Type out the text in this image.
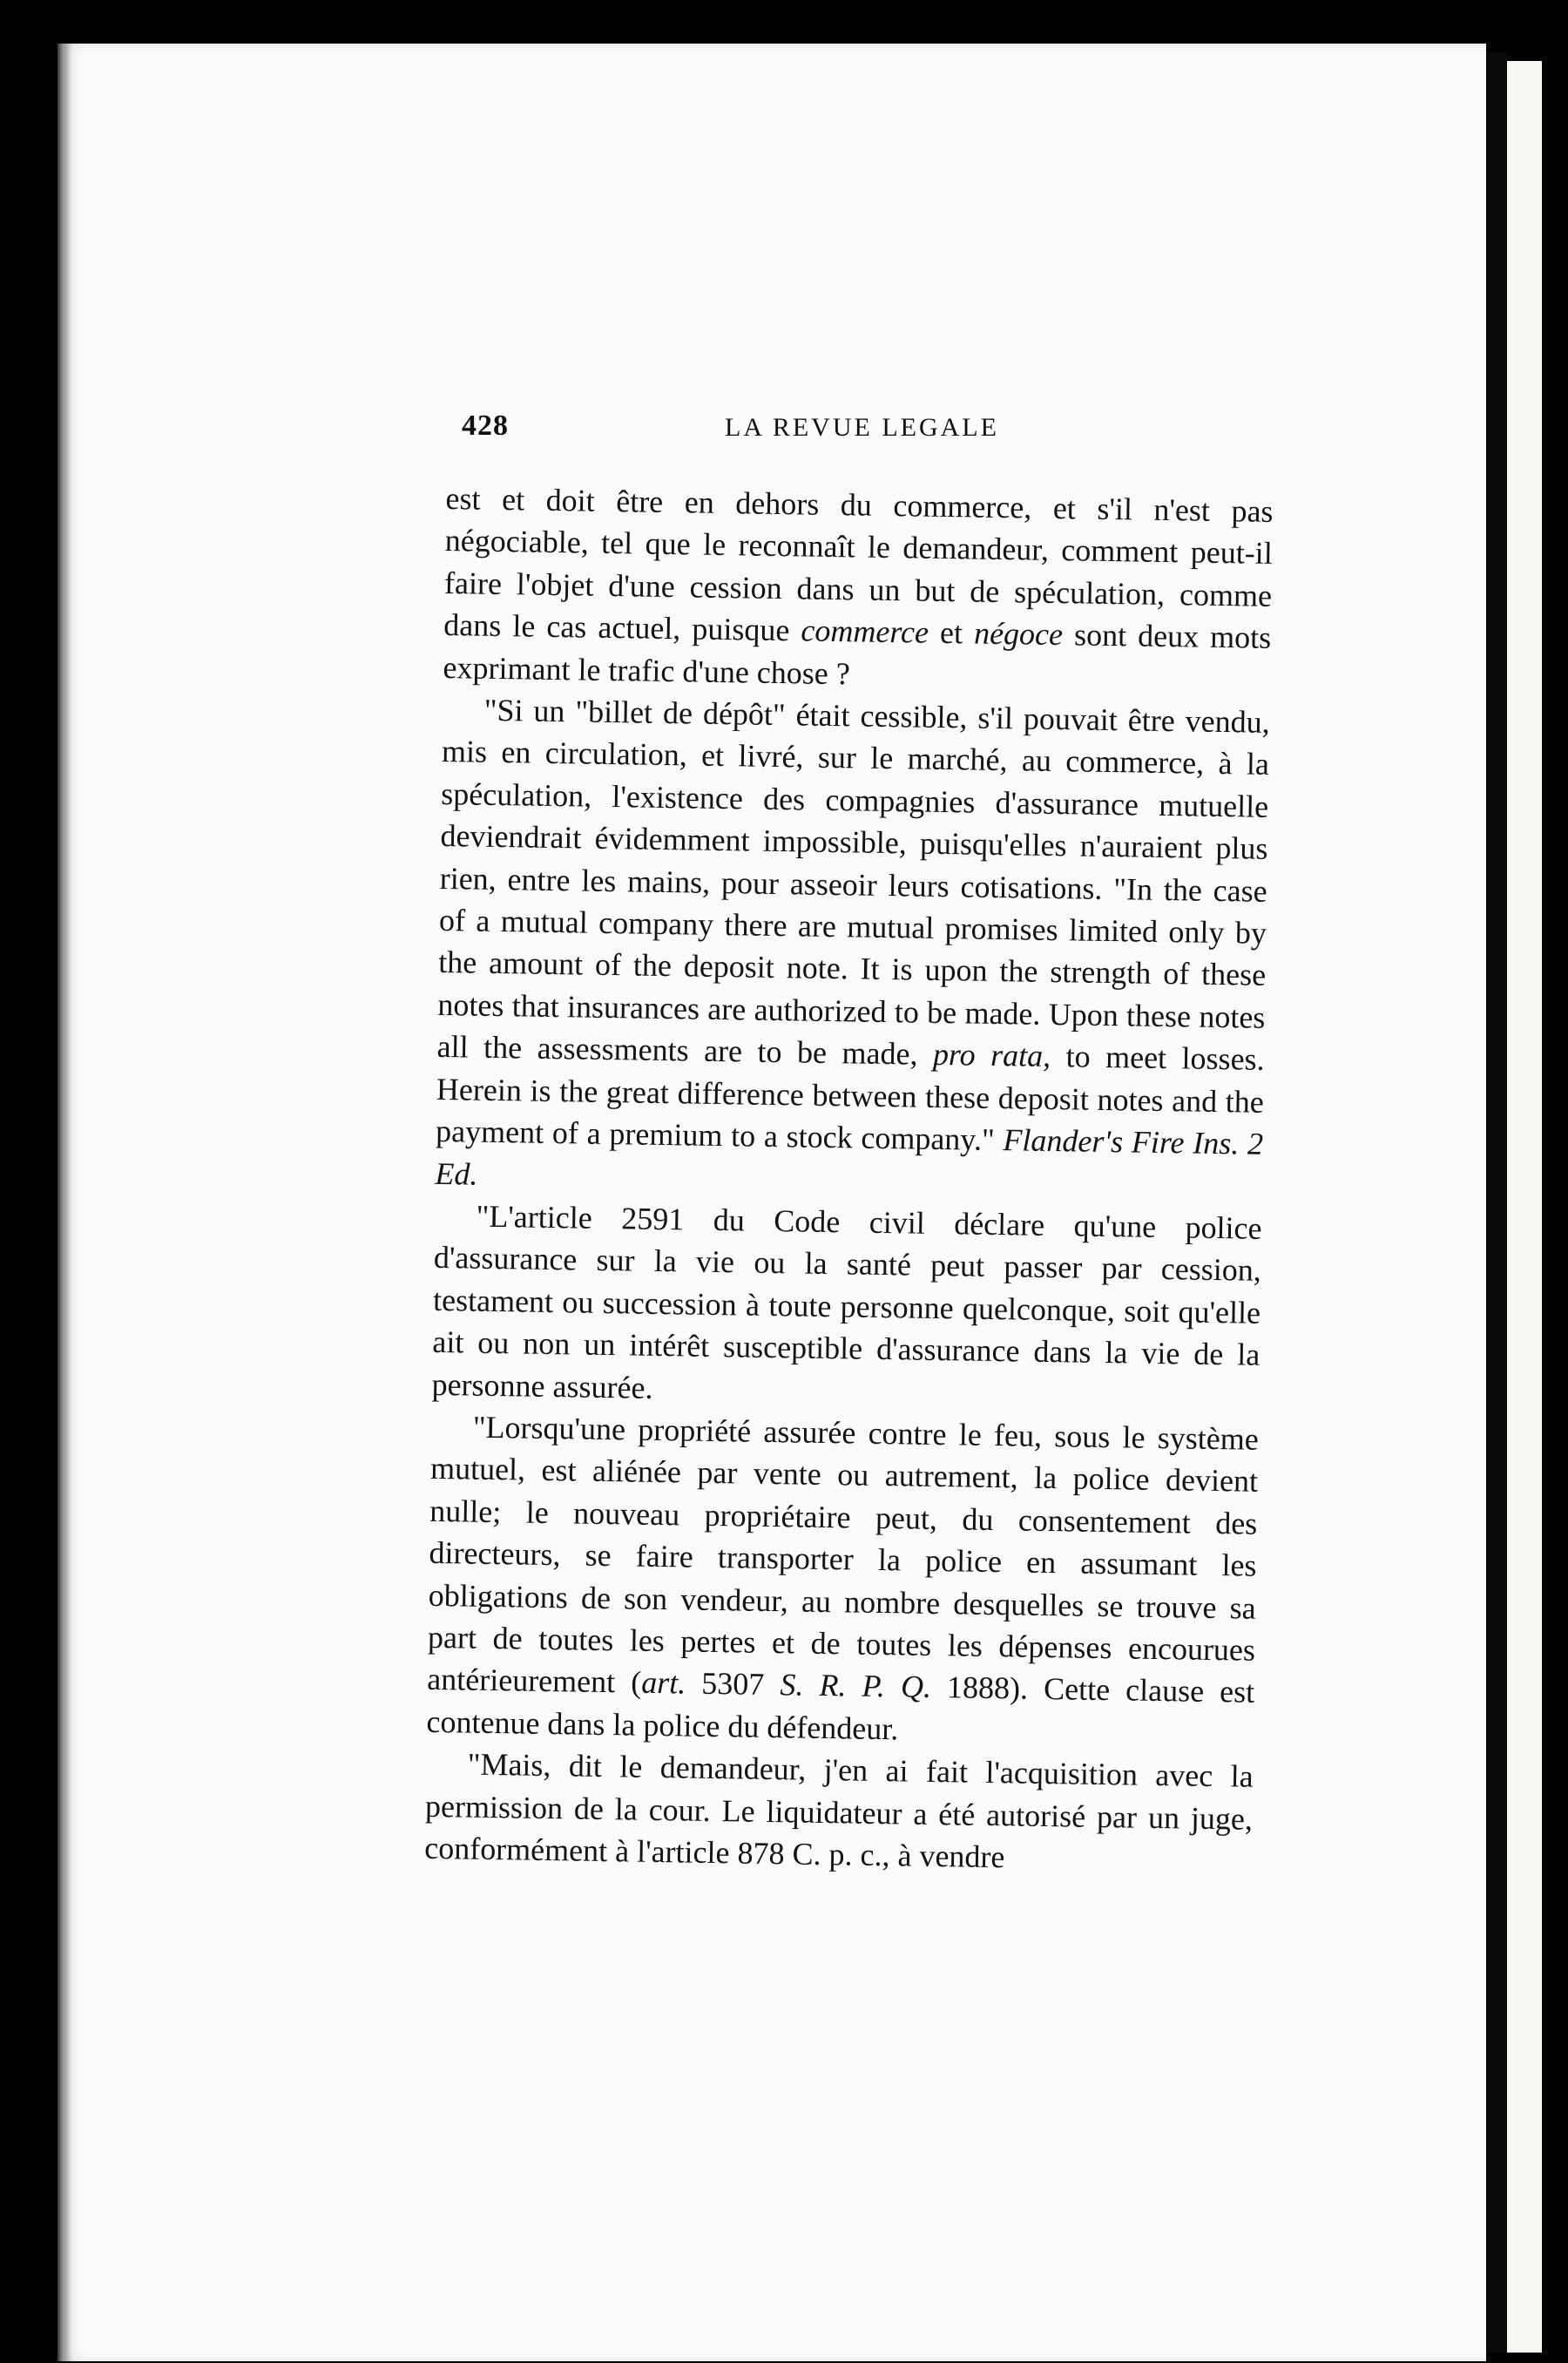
428	LA REVUE LEGALE

est et doit être en dehors du commerce, et s'il n'est pas négociable, tel que le reconnaît le demandeur, comment peut-il faire l'objet d'une cession dans un but de spéculation, comme dans le cas actuel, puisque commerce et négoce sont deux mots exprimant le trafic d'une chose ?

"Si un "billet de dépôt" était cessible, s'il pouvait être vendu, mis en circulation, et livré, sur le marché, au commerce, à la spéculation, l'existence des compagnies d'assurance mutuelle deviendrait évidemment impossible, puisqu'elles n'auraient plus rien, entre les mains, pour asseoir leurs cotisations. "In the case of a mutual company there are mutual promises limited only by the amount of the deposit note. It is upon the strength of these notes that insurances are authorized to be made. Upon these notes all the assessments are to be made, pro rata, to meet losses. Herein is the great difference between these deposit notes and the payment of a premium to a stock company." Flander's Fire Ins. 2 Ed.

"L'article 2591 du Code civil déclare qu'une police d'assurance sur la vie ou la santé peut passer par cession, testament ou succession à toute personne quelconque, soit qu'elle ait ou non un intérêt susceptible d'assurance dans la vie de la personne assurée.

"Lorsqu'une propriété assurée contre le feu, sous le système mutuel, est aliénée par vente ou autrement, la police devient nulle; le nouveau propriétaire peut, du consentement des directeurs, se faire transporter la police en assumant les obligations de son vendeur, au nombre desquelles se trouve sa part de toutes les pertes et de toutes les dépenses encourues antérieurement (art. 5307 S. R. P. Q. 1888). Cette clause est contenue dans la police du défendeur.

"Mais, dit le demandeur, j'en ai fait l'acquisition avec la permission de la cour. Le liquidateur a été autorisé par un juge, conformément à l'article 878 C. p. c., à vendre
